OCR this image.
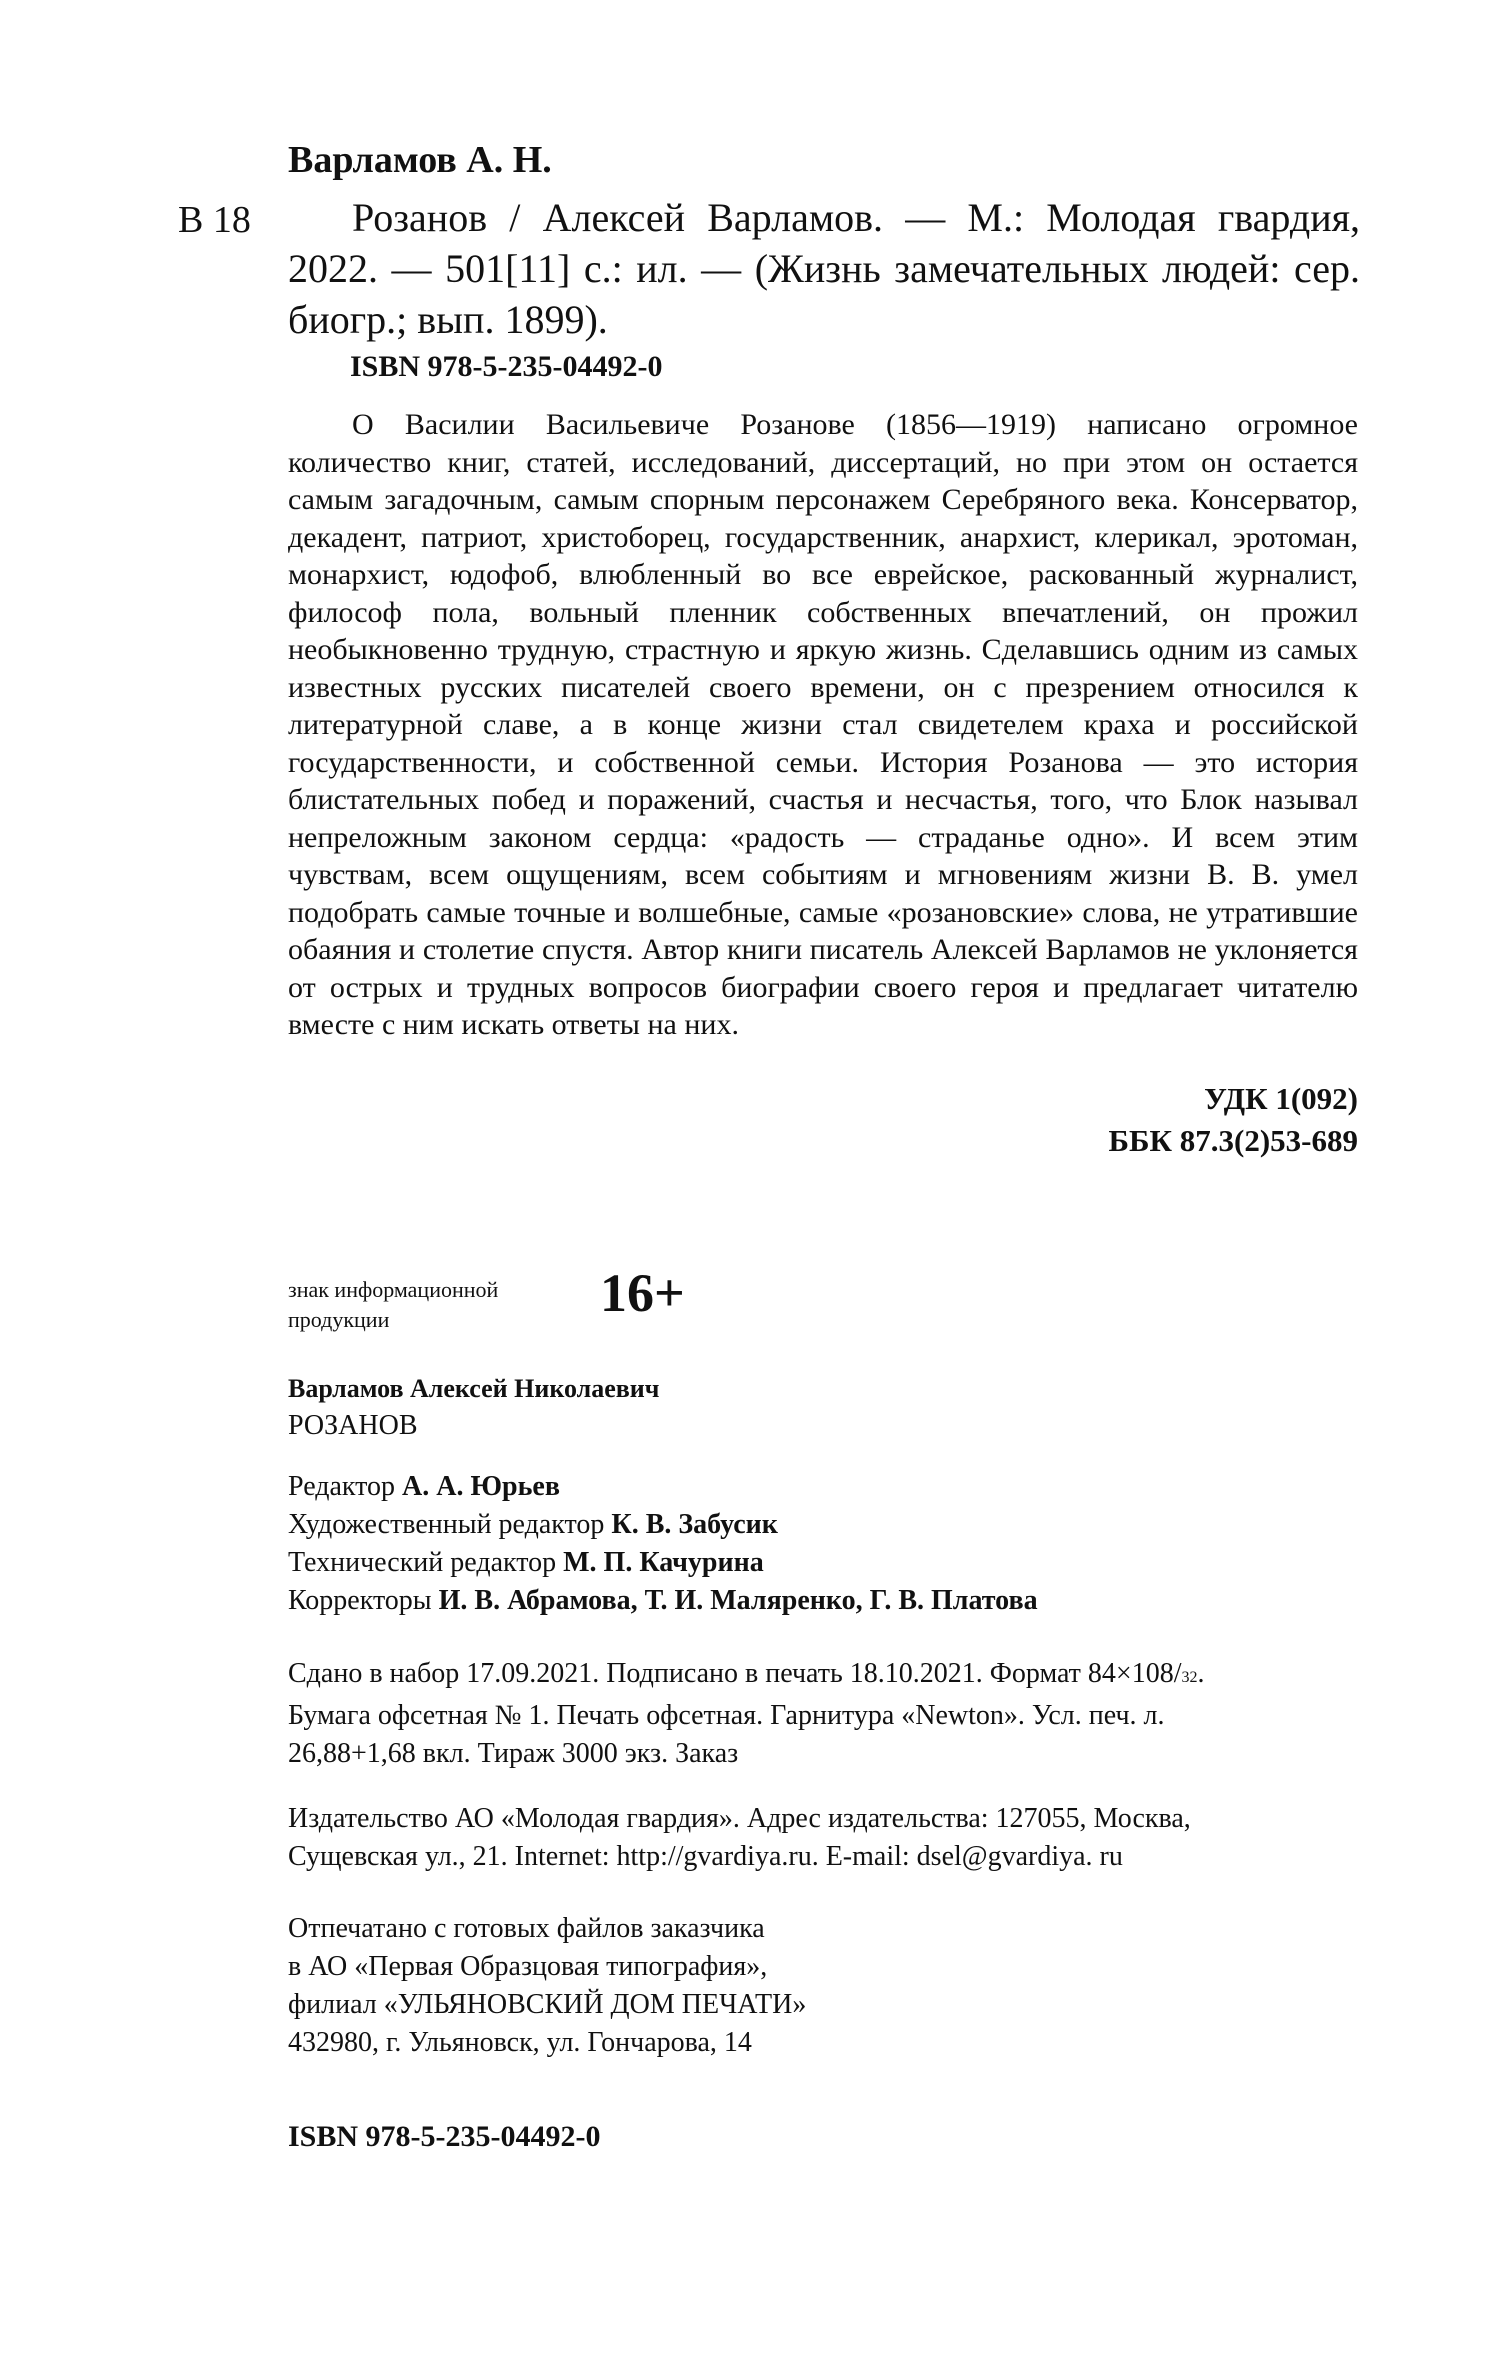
Варламов А. Н.
В 18	Розанов / Алексей Варламов. — М.: Молодая гвардия, 2022. — 501[11] с.: ил. — (Жизнь замечательных людей: сер. биогр.; вып. 1899).
ISBN 978-5-235-04492-0
О Василии Васильевиче Розанове (1856—1919) написано огромное количество книг, статей, исследований, диссертаций, но при этом он остается самым загадочным, самым спорным персонажем Серебряного века. Консерватор, декадент, патриот, христоборец, государственник, анархист, клерикал, эротоман, монархист, юдофоб, влюбленный во все еврейское, раскованный журналист, философ пола, вольный пленник собственных впечатлений, он прожил необыкновенно трудную, страстную и яркую жизнь. Сделавшись одним из самых известных русских писателей своего времени, он с презрением относился к литературной славе, а в конце жизни стал свидетелем краха и российской государственности, и собственной семьи. История Розанова — это история блистательных побед и поражений, счастья и несчастья, того, что Блок называл непреложным законом сердца: «радость — страданье одно». И всем этим чувствам, всем ощущениям, всем событиям и мгновениям жизни В. В. умел подобрать самые точные и волшебные, самые «розановские» слова, не утратившие обаяния и столетие спустя. Автор книги писатель Алексей Варламов не уклоняется от острых и трудных вопросов биографии своего героя и предлагает читателю вместе с ним искать ответы на них.
УДК 1(092)
ББК 87.3(2)53-689
знак информационной
продукции	16+
Варламов Алексей Николаевич
РОЗАНОВ
Редактор А. А. Юрьев
Художественный редактор К. В. Забусик
Технический редактор М. П. Качурина
Корректоры И. В. Абрамова, Т. И. Маляренко, Г. В. Платова
Сдано в набор 17.09.2021. Подписано в печать 18.10.2021. Формат 84×108/32.
Бумага офсетная № 1. Печать офсетная. Гарнитура «Newton». Усл. печ. л.
26,88+1,68 вкл. Тираж 3000 экз. Заказ
Издательство АО «Молодая гвардия». Адрес издательства: 127055, Москва,
Сущевская ул., 21. Internet: http://gvardiya.ru. E-mail: dsel@gvardiya. ru
Отпечатано с готовых файлов заказчика
в АО «Первая Образцовая типография»,
филиал «УЛЬЯНОВСКИЙ ДОМ ПЕЧАТИ»
432980, г. Ульяновск, ул. Гончарова, 14
ISBN 978-5-235-04492-0
